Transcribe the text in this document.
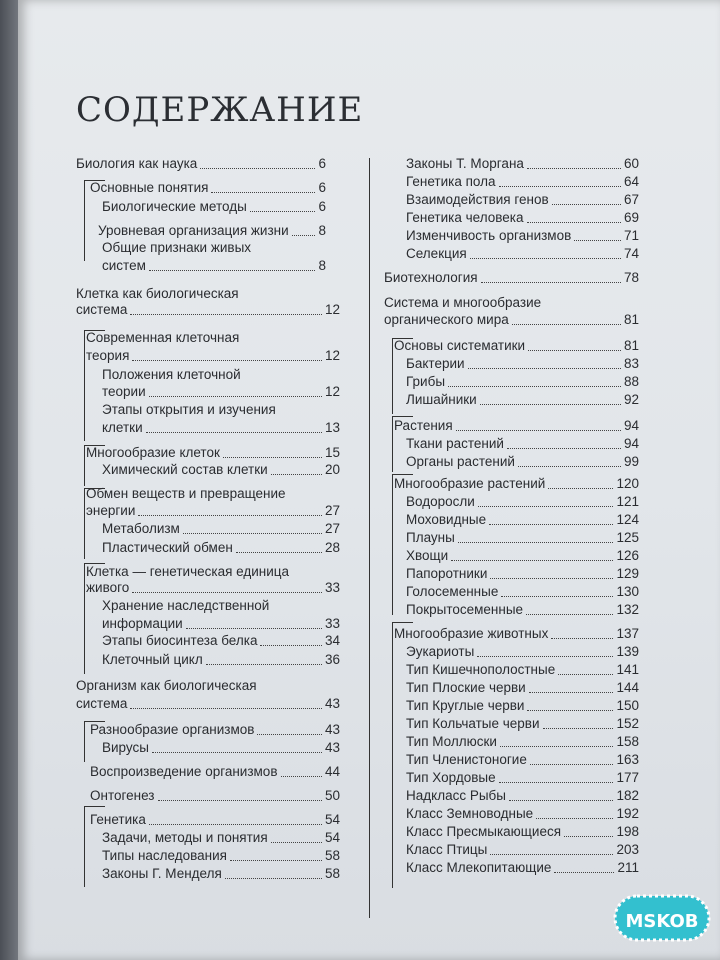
СОДЕРЖАНИЕ
Биология как наука	6
Основные понятия	6
Биологические методы	6
Уровневая организация жизни 8
Общие признаки живых
систем	8
Клетка как биологическая
система	12
Современная клеточная
теория	12
Положения клеточной
теории	12
Этапы открытия и изучения
клетки	13
Многообразие клеток	15
Химический состав клетки	20
Обмен веществ и превращение
энергии	27
Метаболизм	27
Пластический обмен	28
Клетка — генетическая единица
живого	33
Хранение наследственной
информации	33
Этапы биосинтеза белка	34
Клеточный цикл	36
Организм как биологическая
система	43
Разнообразие организмов	43
Вирусы	43
Воспроизведение организмов	44
Онтогенез	50
Генетика	54
Задачи, методы и понятия	54
Типы наследования	58
Законы Г. Менделя	58
Законы Т. Моргана	60
Генетика пола	64
Взаимодействия генов	67
Генетика человека	69
Изменчивость организмов	71
Селекция	74
Биотехнология	78
Система и многообразие
органического мира	81
Основы систематики	81
Бактерии	83
Грибы	88
Лишайники	92
Растения	94
Ткани растений	94
Органы растений	99
Многообразие растений	120
Водоросли	121
Моховидные	124
Плауны	125
Хвощи	126
Папоротники	129
Голосеменные	130
Покрытосеменные	132
Многообразие животных	137
Эукариоты	139
Тип Кишечнополостные	141
Тип Плоские черви	144
Тип Круглые черви	150
Тип Кольчатые черви	152
Тип Моллюски	158
Тип Членистоногие	163
Тип Хордовые	177
Надкласс Рыбы	182
Класс Земноводные	192
Класс Пресмыкающиеся	198
Класс Птицы	203
Класс Млекопитающие	211
MSKOB
